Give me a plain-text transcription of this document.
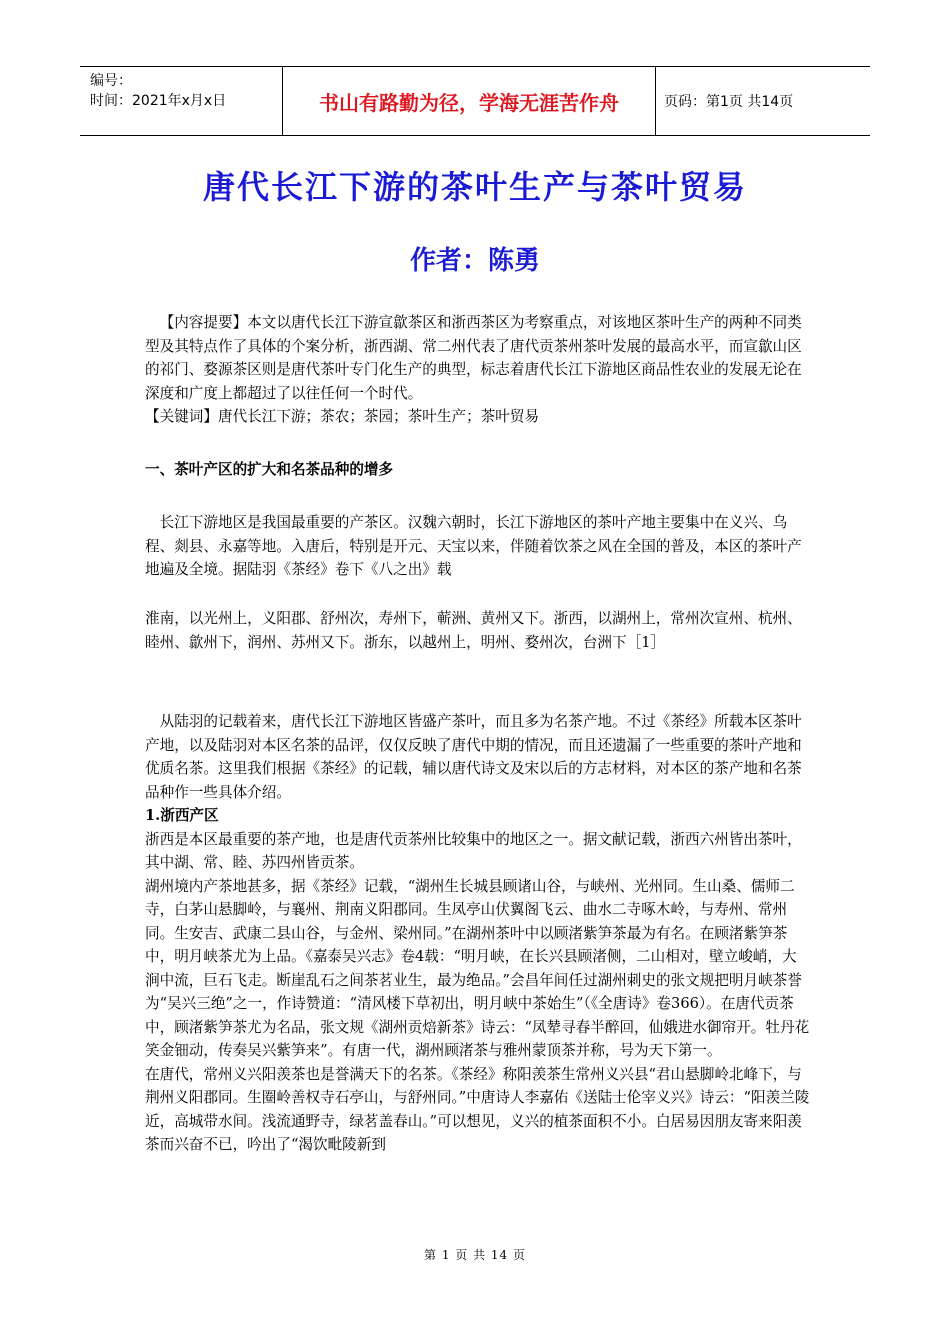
编号：
时间：2021年x月x日	书山有路勤为径，学海无涯苦作舟	页码：第1页 共14页
唐代长江下游的茶叶生产与茶叶贸易
作者：陈勇

【内容提要】本文以唐代长江下游宣歙茶区和浙西茶区为考察重点，对该地区茶叶生产的两种不同类型及其特点作了具体的个案分析，浙西湖、常二州代表了唐代贡茶州茶叶发展的最高水平，而宣歙山区的祁门、婺源茶区则是唐代茶叶专门化生产的典型，标志着唐代长江下游地区商品性农业的发展无论在深度和广度上都超过了以往任何一个时代。

【关键词】唐代长江下游；茶农；茶园；茶叶生产；茶叶贸易

一、茶叶产区的扩大和名茶品种的增多

长江下游地区是我国最重要的产茶区。汉魏六朝时，长江下游地区的茶叶产地主要集中在义兴、乌程、剡县、永嘉等地。入唐后，特别是开元、天宝以来，伴随着饮茶之风在全国的普及，本区的茶叶产地遍及全境。据陆羽《茶经》卷下《八之出》载

淮南，以光州上，义阳郡、舒州次，寿州下，蕲洲、黄州又下。浙西，以湖州上，常州次宣州、杭州、睦州、歙州下，润州、苏州又下。浙东，以越州上，明州、婺州次，台洲下［1］

从陆羽的记载着来，唐代长江下游地区皆盛产茶叶，而且多为名茶产地。不过《茶经》所载本区茶叶产地，以及陆羽对本区名茶的品评，仅仅反映了唐代中期的情况，而且还遗漏了一些重要的茶叶产地和优质名茶。这里我们根据《茶经》的记载，辅以唐代诗文及宋以后的方志材料，对本区的茶产地和名茶品种作一些具体介绍。

1.浙西产区

浙西是本区最重要的茶产地，也是唐代贡茶州比较集中的地区之一。据文献记载，浙西六州皆出茶叶，其中湖、常、睦、苏四州皆贡茶。

湖州境内产茶地甚多，据《茶经》记载，“湖州生长城县顾诸山谷，与峡州、光州同。生山桑、儒师二寺，白茅山悬脚岭，与襄州、荆南义阳郡同。生凤亭山伏翼阁飞云、曲水二寺啄木岭，与寿州、常州同。生安吉、武康二县山谷，与金州、梁州同。”在湖州茶叶中以顾渚紫笋茶最为有名。在顾渚紫笋茶中，明月峡茶尤为上品。《嘉泰吴兴志》卷4载：“明月峡，在长兴县顾渚侧，二山相对，壁立峻峭，大涧中流，巨石飞走。断崖乱石之间茶茗业生，最为绝品。”会昌年间任过湖州刺史的张文规把明月峡茶誉为“吴兴三绝”之一，作诗赞道：“清风楼下草初出，明月峡中茶始生”（《全唐诗》卷366）。在唐代贡茶中，顾渚紫笋茶尤为名品，张文规《湖州贡焙新茶》诗云：“凤辇寻春半醉回，仙娥进水御帘开。牡丹花笑金钿动，传奏吴兴紫笋来”。有唐一代，湖州顾渚茶与雅州蒙顶茶并称，号为天下第一。

在唐代，常州义兴阳羡茶也是誉满天下的名茶。《茶经》称阳羡茶生常州义兴县“君山悬脚岭北峰下，与荆州义阳郡同。生圈岭善权寺石亭山，与舒州同。”中唐诗人李嘉佑《送陆士伦宰义兴》诗云：“阳羡兰陵近，高城带水间。浅流通野寺，绿茗盖春山。”可以想见，义兴的植茶面积不小。白居易因朋友寄来阳羡茶而兴奋不已，吟出了“渴饮毗陵新到

第 1 页 共 14 页
